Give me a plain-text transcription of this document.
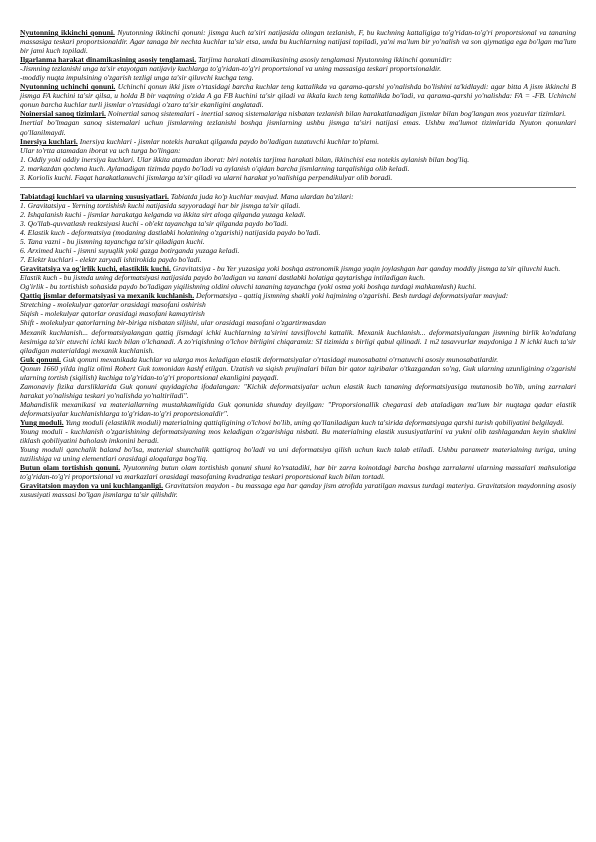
Nyutonning ikkinchi qonuni. Nyutonning ikkinchi qonuni: jismga kuch ta'siri natijasida olingan tezlanish, F, bu kuchning kattaligiga to'g'ridan-to'g'ri proportsional va tananing massasiga teskari proportsionaldir. Agar tanaga bir nechta kuchlar ta'sir etsa, unda bu kuchlarning natijasi topiladi, ya'ni ma'lum bir yo'nalish va son qiymatiga ega bo'lgan ma'lum bir jami kuch topiladi.

Ilgarlanma harakat dinamikasining asosiy tenglamasi. Tarjima harakati dinamikasining asosiy tenglamasi Nyutonning ikkinchi qonunidir:

-Jismning tezlanishi unga ta'sir etayotgan natijaviy kuchlarga to'g'ridan-to'g'ri proportsional va uning massasiga teskari proportsionaldir.

-moddiy nuqta impulsining o'zgarish tezligi unga ta'sir qiluvchi kuchga teng.

Nyutonning uchinchi qonuni. Uchinchi qonun ikki jism o'rtasidagi barcha kuchlar teng kattalikda va qarama-qarshi yo'nalishda bo'lishini ta'kidlaydi: agar bitta A jism ikkinchi B jismga FA kuchini ta'sir qilsa, u holda B bir vaqtning o'zida A ga FB kuchini ta'sir qiladi va ikkala kuch teng kattalikda bo'ladi, va qarama-qarshi yo'nalishda: FA = -FB. Uchinchi qonun barcha kuchlar turli jismlar o'rtasidagi o'zaro ta'sir ekanligini anglatadi.

Noinersial sanoq tizimlari. Noinertial sanoq sistemalari - inertial sanoq sistemalariga nisbatan tezlanish bilan harakatlanadigan jismlar bilan bog'langan mos yozuvlar tizimlari.

Inertial bo'lmagan sanoq sistemalari uchun jismlarning tezlanishi boshqa jismlarning ushbu jismga ta'siri natijasi emas. Ushbu ma'lumot tizimlarida Nyuton qonunlari qo'llanilmaydi.

Inersiya kuchlari. Inersiya kuchlari - jismlar notekis harakat qilganda paydo bo'ladigan tuzatuvchi kuchlar to'plami.

Ular to'rtta atamadan iborat va uch turga bo'lingan:

1. Oddiy yoki oddiy inersiya kuchlari. Ular ikkita atamadan iborat: biri notekis tarjima harakati bilan, ikkinchisi esa notekis aylanish bilan bog'liq.

2. markazdan qochma kuch. Aylanadigan tizimda paydo bo'ladi va aylanish o'qidan barcha jismlarning tarqalishiga olib keladi.

3. Koriolis kuchi. Faqat harakatlanuvchi jismlarga ta'sir qiladi va ularni harakat yo'nalishiga perpendikulyar olib boradi.

Tabiatdagi kuchlari va ularning xususiyatlari. Tabiatda juda ko'p kuchlar mavjud. Mana ulardan ba'zilari:

1. Gravitatsiya - Yerning tortishish kuchi natijasida sayyoradagi har bir jismga ta'sir qiladi.

2. Ishqalanish kuchi - jismlar harakatga kelganda va ikkita sirt aloqa qilganda yuzaga keladi.

3. Qo'llab-quvvatlash reaktsiyasi kuchi - ob'ekt tayanchga ta'sir qilganda paydo bo'ladi.

4. Elastik kuch - deformatsiya (modaning dastlabki holatining o'zgarishi) natijasida paydo bo'ladi.

5. Tana vazni - bu jismning tayanchga ta'sir qiladigan kuchi.

6. Arximed kuchi - jismni suyuqlik yoki gazga botirganda yuzaga keladi.

7. Elektr kuchlari - elektr zaryadi ishtirokida paydo bo'ladi.

Gravitatsiya va og'irlik kuchi, elastiklik kuchi. Gravitatsiya - bu Yer yuzasiga yoki boshqa astronomik jismga yaqin joylashgan har qanday moddiy jismga ta'sir qiluvchi kuch.

Elastik kuch - bu jismda uning deformatsiyasi natijasida paydo bo'ladigan va tanani dastlabki holatiga qaytarishga intiladigan kuch.

Og'irlik - bu tortishish sohasida paydo bo'ladigan yiqilishning oldini oluvchi tananing tayanchga (yoki osma yoki boshqa turdagi mahkamlash) kuchi.

Qattiq jismlar deformatsiyasi va mexanik kuchlanish. Deformatsiya - qattiq jismning shakli yoki hajmining o'zgarishi. Besh turdagi deformatsiyalar mavjud:

Stretching - molekulyar qatorlar orasidagi masofani oshirish

Siqish - molekulyar qatorlar orasidagi masofani kamaytirish

Shift - molekulyar qatorlarning bir-biriga nisbatan siljishi, ular orasidagi masofani o'zgartirmasdan

Mexanik kuchlanish... deformatsiyalangan qattiq jismdagi ichki kuchlarning ta'sirini tavsiflovchi kattalik. Mexanik kuchlanish... deformatsiyalangan jismning birlik ko'ndalang kesimiga ta'sir etuvchi ichki kuch bilan o'lchanadi. A zo'riqishning o'lchov birligini chiqaramiz: SI tizimida s birligi qabul qilinadi. 1 m2 tasavvurlar maydoniga 1 N ichki kuch ta'sir qiladigan materialdagi mexanik kuchlanish.

Guk qonuni. Guk qonuni mexanikada kuchlar va ularga mos keladigan elastik deformatsiyalar o'rtasidagi munosabatni o'rnatuvchi asosiy munosabatlardir.

Qonun 1660 yilda ingliz olimi Robert Guk tomonidan kashf etilgan. Uzatish va siqish prujinalari bilan bir qator tajribalar o'tkazgandan so'ng, Guk ularning uzunligining o'zgarishi ularning tortish (siqilish) kuchiga to'g'ridan-to'g'ri proportsional ekanligini payqadi.

Zamonaviy fizika darsliklarida Guk qonuni quyidagicha ifodalangan: "Kichik deformatsiyalar uchun elastik kuch tananing deformatsiyasiga mutanosib bo'lib, uning zarralari harakat yo'nalishiga teskari yo'nalishda yo'naltiriladi".

Mahandislik mexanikasi va materiallarning mustahkamligida Guk qonunida shunday deyilgan: "Proporsionallik chegarasi deb ataladigan ma'lum bir nuqtaga qadar elastik deformatsiyalar kuchlanishlarga to'g'ridan-to'g'ri proportsionaldir".

Yung moduli. Yung moduli (elastiklik moduli) materialning qattiqligining o'lchovi bo'lib, uning qo'llaniladigan kuch ta'sirida deformatsiyaga qarshi turish qobiliyatini belgilaydi.

Young moduli - kuchlanish o'zgarishining deformatsiyaning mos keladigan o'zgarishiga nisbati. Bu materialning elastik xususiyatlarini va yukni olib tashlagandan keyin shaklini tiklash qobiliyatini baholash imkonini beradi.

Young moduli qanchalik baland bo'lsa, material shunchalik qattiqroq bo'ladi va uni deformatsiya qilish uchun kuch talab etiladi. Ushbu parametr materialning turiga, uning tuzilishiga va uning elementlari orasidagi aloqalarga bog'liq.

Butun olam tortishish qonuni. Nyutonning butun olam tortishish qonuni shuni ko'rsatadiki, har bir zarra koinotdagi barcha boshqa zarralarni ularning massalari mahsulotiga to'g'ridan-to'g'ri proportsional va markazlari orasidagi masofaning kvadratiga teskari proportsional kuch bilan tortadi.

Gravitatsion maydon va uni kuchlanganligi. Gravitatsion maydon - bu massaga ega har qanday jism atrofida yaratilgan maxsus turdagi materiya. Gravitatsion maydonning asosiy xususiyati massasi bo'lgan jismlarga ta'sir qilishdir.
